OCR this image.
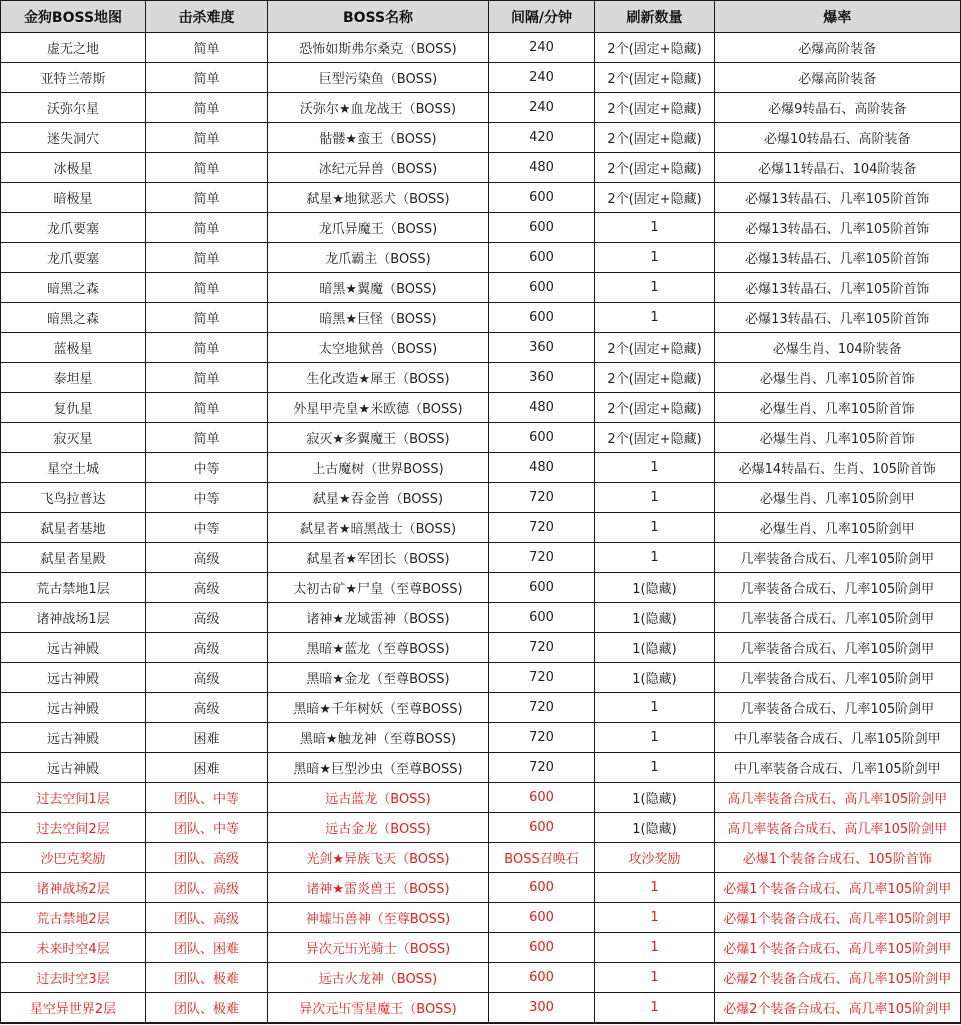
金狗BOSS地图	击杀难度	BOSS名称	间隔/分钟	刷新数量	爆率
虚无之地	简单	恐怖如斯弗尔桑克（BOSS)	240	2个(固定+隐藏)	必爆高阶装备
亚特兰蒂斯	简单	巨型污染鱼（BOSS)	240	2个(固定+隐藏)	必爆高阶装备
沃弥尔星	简单	沃弥尔★血龙战王（BOSS)	240	2个(固定+隐藏)	必爆9转晶石、高阶装备
迷失洞穴	简单	骷髅★蛮王（BOSS)	420	2个(固定+隐藏)	必爆10转晶石、高阶装备
冰极星	简单	冰纪元异兽（BOSS)	480	2个(固定+隐藏)	必爆11转晶石、104阶装备
暗极星	简单	弑星★地狱恶犬（BOSS)	600	2个(固定+隐藏)	必爆13转晶石、几率105阶首饰
龙爪要塞	简单	龙爪异魔王（BOSS)	600	1	必爆13转晶石、几率105阶首饰
龙爪要塞	简单	龙爪霸主（BOSS)	600	1	必爆13转晶石、几率105阶首饰
暗黑之森	简单	暗黑★翼魔（BOSS)	600	1	必爆13转晶石、几率105阶首饰
暗黑之森	简单	暗黑★巨怪（BOSS)	600	1	必爆13转晶石、几率105阶首饰
蓝极星	简单	太空地狱兽（BOSS)	360	2个(固定+隐藏)	必爆生肖、104阶装备
泰坦星	简单	生化改造★犀王（BOSS)	360	2个(固定+隐藏)	必爆生肖、几率105阶首饰
复仇星	简单	外星甲壳皇★米欧德（BOSS)	480	2个(固定+隐藏)	必爆生肖、几率105阶首饰
寂灭星	简单	寂灭★多翼魔王（BOSS)	600	2个(固定+隐藏)	必爆生肖、几率105阶首饰
星空土城	中等	上古魔树（世界BOSS)	480	1	必爆14转晶石、生肖、105阶首饰
飞鸟拉普达	中等	弑星★吞金兽（BOSS)	720	1	必爆生肖、几率105阶剑甲
弑星者基地	中等	弑星者★暗黑战士（BOSS)	720	1	必爆生肖、几率105阶剑甲
弑星者星殿	高级	弑星者★军团长（BOSS)	720	1	几率装备合成石、几率105阶剑甲
荒古禁地1层	高级	太初古矿★尸皇（至尊BOSS)	600	1(隐藏)	几率装备合成石、几率105阶剑甲
诸神战场1层	高级	诸神★龙域雷神（BOSS)	600	1(隐藏)	几率装备合成石、几率105阶剑甲
远古神殿	高级	黑暗★蓝龙（至尊BOSS)	720	1(隐藏)	几率装备合成石、几率105阶剑甲
远古神殿	高级	黑暗★金龙（至尊BOSS)	720	1(隐藏)	几率装备合成石、几率105阶剑甲
远古神殿	高级	黑暗★千年树妖（至尊BOSS)	720	1	几率装备合成石、几率105阶剑甲
远古神殿	困难	黑暗★触龙神（至尊BOSS)	720	1	中几率装备合成石、几率105阶剑甲
远古神殿	困难	黑暗★巨型沙虫（至尊BOSS)	720	1	中几率装备合成石、几率105阶剑甲
过去空间1层	团队、中等	远古蓝龙（BOSS)	600	1(隐藏)	高几率装备合成石、高几率105阶剑甲
过去空间2层	团队、中等	远古金龙（BOSS)	600	1(隐藏)	高几率装备合成石、高几率105阶剑甲
沙巴克奖励	团队、高级	光剑★异族飞天（BOSS)	BOSS召唤石	攻沙奖励	必爆1个装备合成石、105阶首饰
诸神战场2层	团队、高级	诸神★雷炎兽王（BOSS)	600	1	必爆1个装备合成石、高几率105阶剑甲
荒古禁地2层	团队、高级	神墟卐兽神（至尊BOSS)	600	1	必爆1个装备合成石、高几率105阶剑甲
未来时空4层	团队、困难	异次元卐光骑士（BOSS)	600	1	必爆1个装备合成石、高几率105阶剑甲
过去时空3层	团队、极难	远古火龙神（BOSS)	600	1	必爆2个装备合成石、高几率105阶剑甲
星空异世界2层	团队、极难	异次元卐雪星魔王（BOSS)	300	1	必爆2个装备合成石、高几率105阶剑甲
